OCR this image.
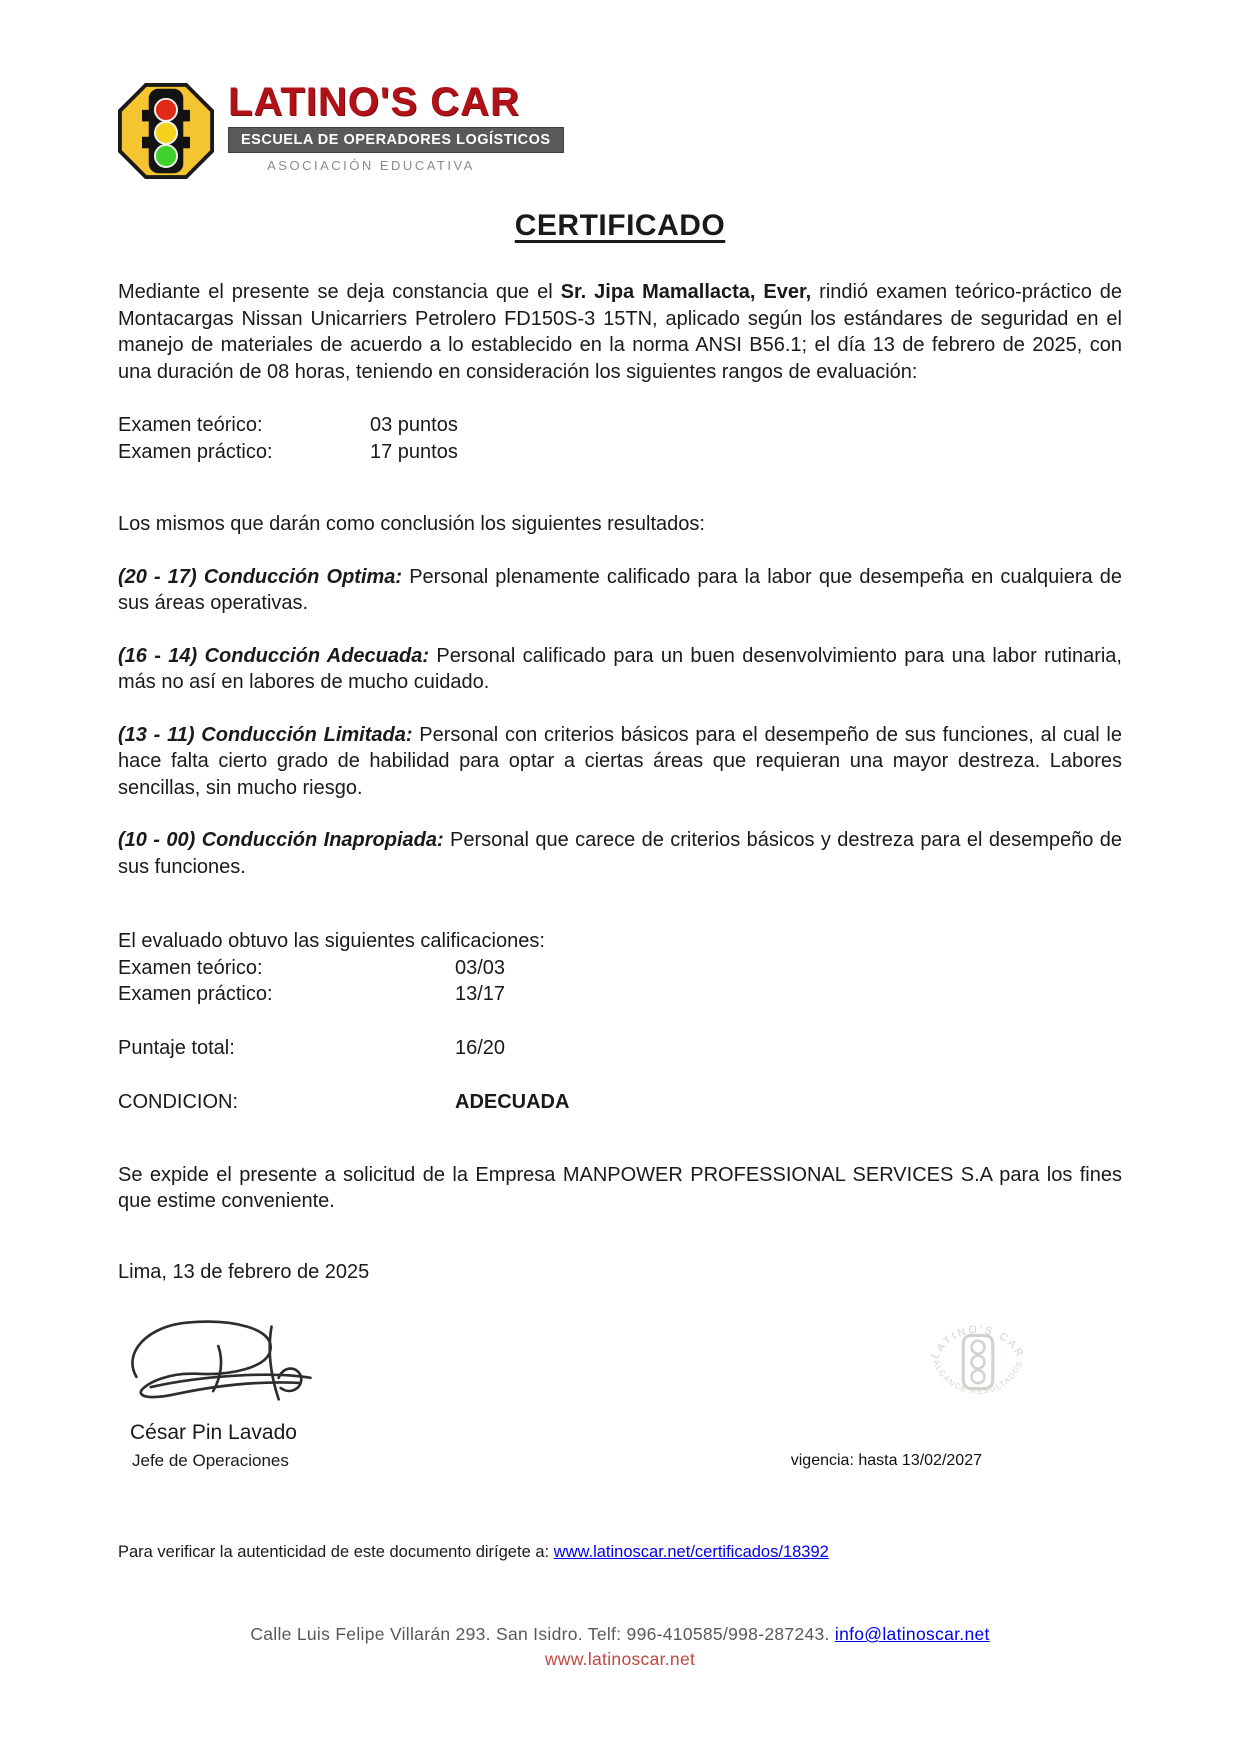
LATINO'S CAR
ESCUELA DE OPERADORES LOGÍSTICOS
ASOCIACIÓN EDUCATIVA
CERTIFICADO

Mediante el presente se deja constancia que el Sr. Jipa Mamallacta, Ever, rindió examen teórico-práctico de Montacargas Nissan Unicarriers Petrolero FD150S-3 15TN, aplicado según los estándares de seguridad en el manejo de materiales de acuerdo a lo establecido en la norma ANSI B56.1; el día 13 de febrero de 2025, con una duración de 08 horas, teniendo en consideración los siguientes rangos de evaluación:

Examen teórico:	03 puntos
Examen práctico:	17 puntos

Los mismos que darán como conclusión los siguientes resultados:

(20 - 17) Conducción Optima: Personal plenamente calificado para la labor que desempeña en cualquiera de sus áreas operativas.

(16 - 14) Conducción Adecuada: Personal calificado para un buen desenvolvimiento para una labor rutinaria, más no así en labores de mucho cuidado.

(13 - 11) Conducción Limitada: Personal con criterios básicos para el desempeño de sus funciones, al cual le hace falta cierto grado de habilidad para optar a ciertas áreas que requieran una mayor destreza. Labores sencillas, sin mucho riesgo.

(10 - 00) Conducción Inapropiada: Personal que carece de criterios básicos y destreza para el desempeño de sus funciones.

El evaluado obtuvo las siguientes calificaciones:

Examen teórico:	03/03
Examen práctico:	13/17
Puntaje total:	16/20
CONDICION:	ADECUADA

Se expide el presente a solicitud de la Empresa MANPOWER PROFESSIONAL SERVICES S.A para los fines que estime conveniente.

Lima, 13 de febrero de 2025

LATINO'S CAR
ALCANCE RESULTADOS
César Pin Lavado
Jefe de Operaciones	vigencia: hasta 13/02/2027

Para verificar la autenticidad de este documento dirígete a: www.latinoscar.net/certificados/18392

Calle Luis Felipe Villarán 293. San Isidro. Telf: 996-410585/998-287243. info@latinoscar.net
www.latinoscar.net
